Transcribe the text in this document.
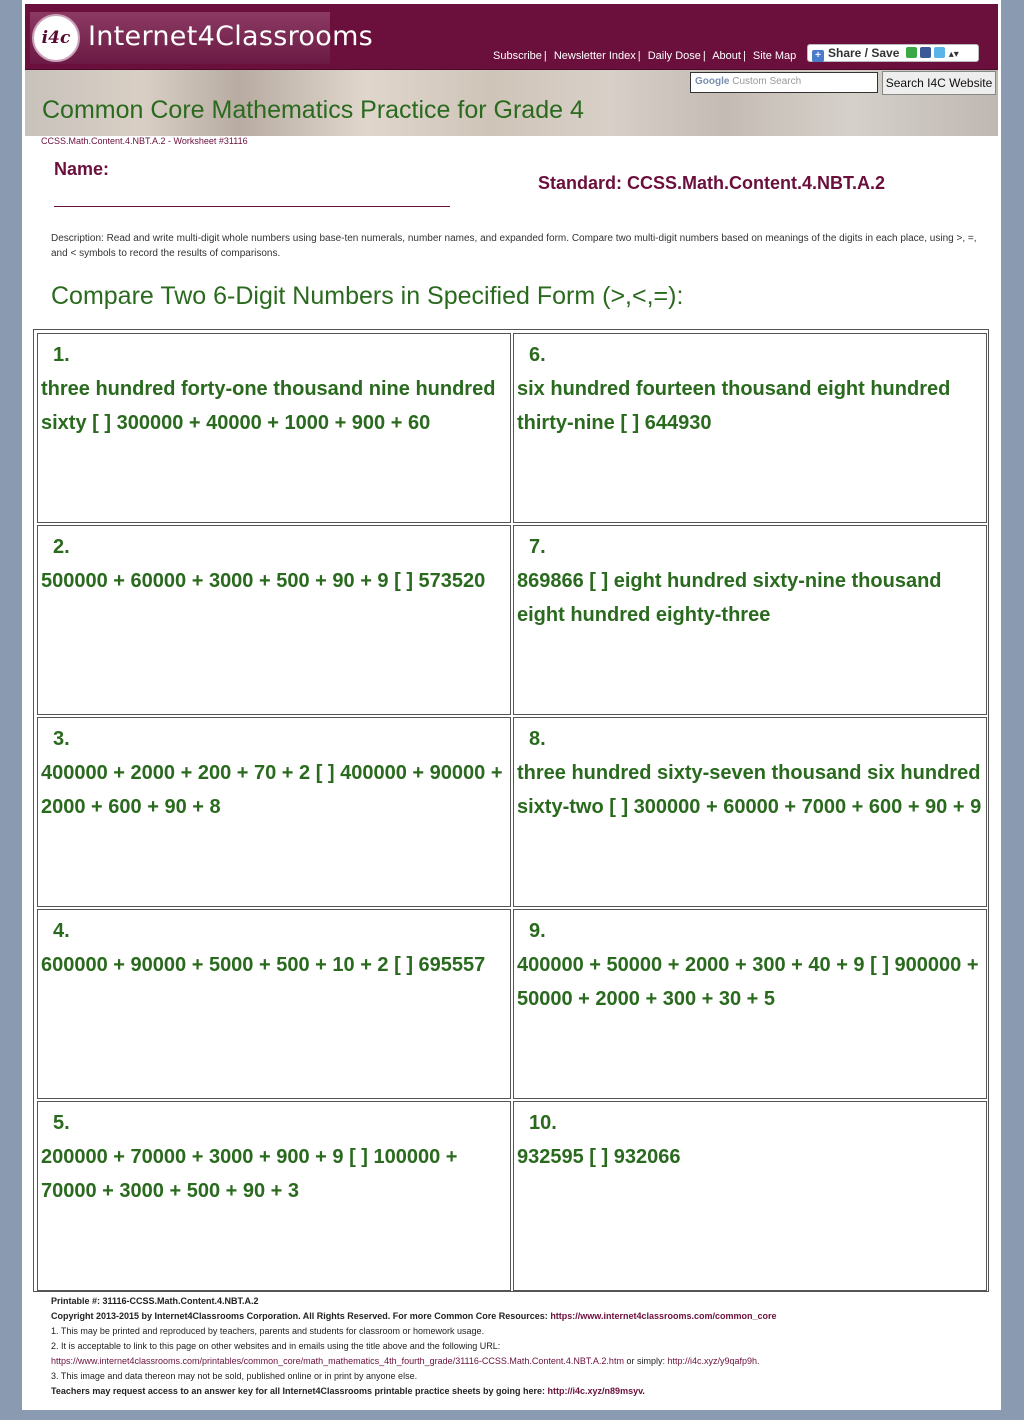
i4c Internet4Classrooms
Subscribe | Newsletter Index | Daily Dose | About | Site Map	+ Share / Save	▴▾
Google Custom Search	Search I4C Website
Common Core Mathematics Practice for Grade 4
CCSS.Math.Content.4.NBT.A.2 - Worksheet #31116
Name:
Standard: CCSS.Math.Content.4.NBT.A.2
Description: Read and write multi-digit whole numbers using base-ten numerals, number names, and expanded form. Compare two multi-digit numbers based on meanings of the digits in each place, using >, =, and < symbols to record the results of comparisons.
Compare Two 6-Digit Numbers in Specified Form (>,<,=):
1.
three hundred forty-one thousand nine hundred sixty [ ] 300000 + 40000 + 1000 + 900 + 60
6.
six hundred fourteen thousand eight hundred thirty-nine [ ] 644930
2.
500000 + 60000 + 3000 + 500 + 90 + 9 [ ] 573520
7.
869866 [ ] eight hundred sixty-nine thousand eight hundred eighty-three
3.
400000 + 2000 + 200 + 70 + 2 [ ] 400000 + 90000 + 2000 + 600 + 90 + 8
8.
three hundred sixty-seven thousand six hundred sixty-two [ ] 300000 + 60000 + 7000 + 600 + 90 + 9
4.
600000 + 90000 + 5000 + 500 + 10 + 2 [ ] 695557
9.
400000 + 50000 + 2000 + 300 + 40 + 9 [ ] 900000 + 50000 + 2000 + 300 + 30 + 5
5.
200000 + 70000 + 3000 + 900 + 9 [ ] 100000 + 70000 + 3000 + 500 + 90 + 3
10.
932595 [ ] 932066
Printable #: 31116-CCSS.Math.Content.4.NBT.A.2
Copyright 2013-2015 by Internet4Classrooms Corporation. All Rights Reserved. For more Common Core Resources: https://www.internet4classrooms.com/common_core
1. This may be printed and reproduced by teachers, parents and students for classroom or homework usage.
2. It is acceptable to link to this page on other websites and in emails using the title above and the following URL:
https://www.internet4classrooms.com/printables/common_core/math_mathematics_4th_fourth_grade/31116-CCSS.Math.Content.4.NBT.A.2.htm or simply: http://i4c.xyz/y9qafp9h.
3. This image and data thereon may not be sold, published online or in print by anyone else.
Teachers may request access to an answer key for all Internet4Classrooms printable practice sheets by going here: http://i4c.xyz/n89msyv.
